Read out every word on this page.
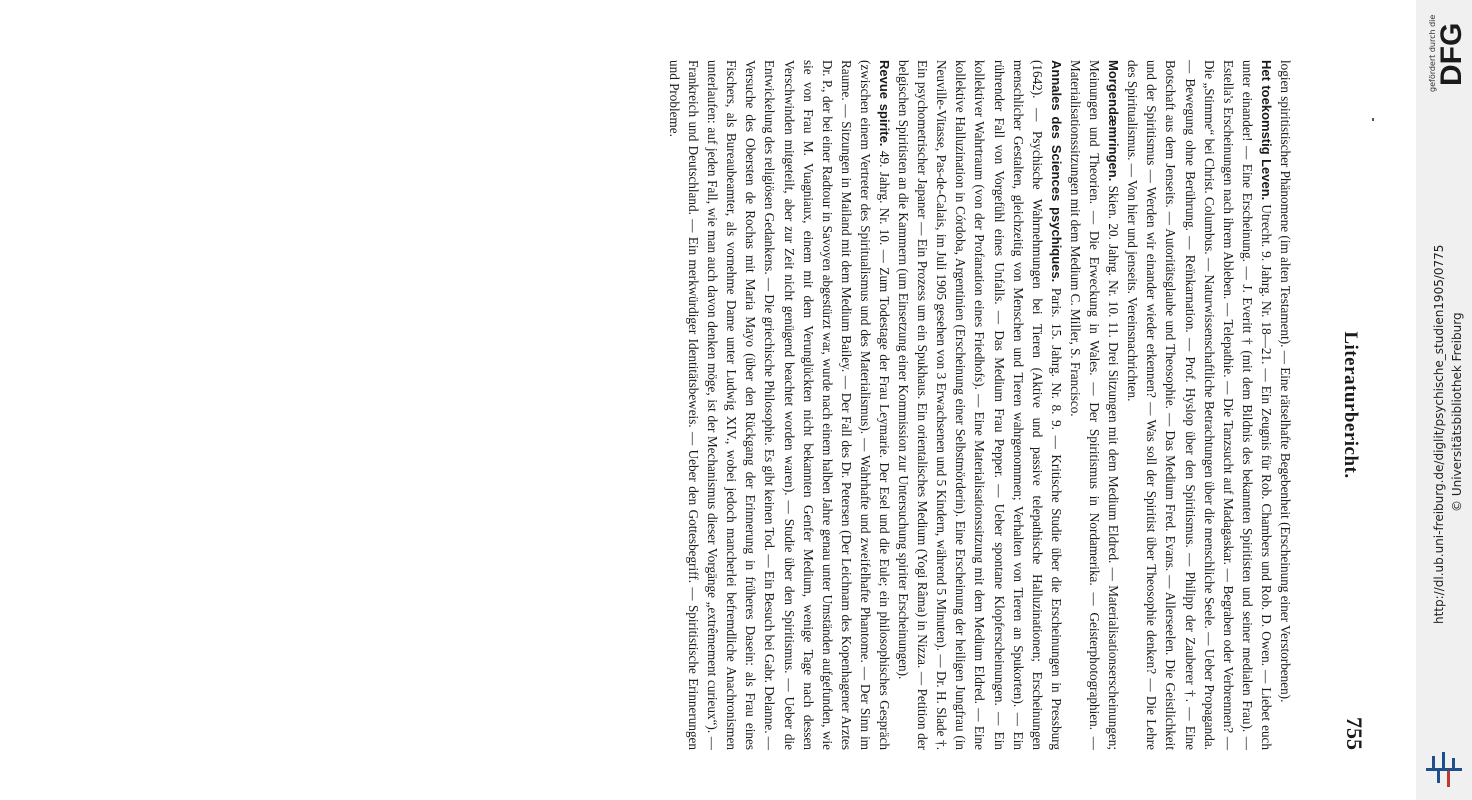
Literaturbericht.
755

logien spiritistischer Phänomene (im alten Testament). — Eine rätselhafte Begebenheit (Erscheinung einer Verstorbenen).

Het toekomstig Leven. Utrecht. 9. Jahrg. Nr. 18—21. — Ein Zeugnis für Rob. Chambers und Rob. D. Owen. — Liebet euch unter einander! — Eine Erscheinung. — J. Everitt † (mit dem Bildnis des bekannten Spiritisten und seiner medialen Frau). — Estella's Erscheinungen nach ihrem Ableben. — Telepathie. — Die Tanzsucht auf Madagaskar. — Begraben oder Verbrennen? — Die „Stimme“ bei Christ. Columbus. — Naturwissenschaftliche Betrachtungen über die menschliche Seele. — Ueber Propaganda. — Bewegung ohne Berührung. — Reïnkarnation. — Prof. Hyslop über den Spiritismus. — Philipp der Zauberer †. — Eine Botschaft aus dem Jenseits. — Autoritätsglaube und Theosophie. — Das Medium Fred. Evans. — Allerseelen. Die Geistlichkeit und der Spiritismus — Werden wir einander wieder erkennen? — Was soll der Spiritist über Theosophie denken? — Die Lehre des Spiritualismus. — Von hier und jenseits. Vereinsnachrichten.

Morgendæmringen. Skien. 20. Jahrg. Nr. 10. 11. Drei Sitzungen mit dem Medium Eldred. — Materialisationserscheinungen; Meinungen und Theorien. — Die Erweckung in Wales. — Der Spiritismus in Nordamerika. — Geisterphotographien. — Materialisationssitzungen mit dem Medium C. Miller, S. Francisco.

Annales des Sciences psychiques. Paris. 15. Jahrg. Nr. 8. 9. — Kritische Studie über die Erscheinungen in Pressburg (1642). — Psychische Wahrnehmungen bei Tieren (Aktive und passive telepathische Halluzinationen; Erscheinungen menschlicher Gestalten, gleichzeitig von Menschen und Tieren wahrgenommen; Verhalten von Tieren an Spukorten). — Ein rührender Fall von Vorgefühl eines Unfalls. — Das Medium Frau Pepper. — Ueber spontane Klopferscheinungen. — Ein kollektiver Wahrtraum (von der Profanation eines Friedhofs). — Eine Materialisationssitzung mit dem Medium Eldred. — Eine kollektive Halluzination in Córdoba, Argentinien (Erscheinung einer Selbstmörderin). Eine Erscheinung der heiligen Jungfrau (in Neuville-Vitasse, Pas-de-Calais, im Juli 1905 gesehen von 3 Erwachsenen und 5 Kindern, während 5 Minuten). — Dr. H. Slade †. Ein psychometrischer Japaner — Ein Prozess um ein Spukhaus. Ein orientalisches Medium (Yogi Râma) in Nizza. — Petition der belgischen Spiritisten an die Kammern (um Einsetzung einer Kommission zur Untersuchung spiriter Erscheinungen).

Revue spirite. 49. Jahrg. Nr. 10. — Zum Todestage der Frau Leymarie. Der Esel und die Eule; ein philosophisches Gespräch (zwischen einem Vertreter des Spiritualismus und des Materialismus). — Wahrhafte und zweifelhafte Phantome. — Der Sinn im Raume. — Sitzungen in Mailand mit dem Medium Bailey. — Der Fall des Dr. Petersen (Der Leichnam des Kopenhagener Arztes Dr. P., der bei einer Radtour in Savoyen abgestürzt war, wurde nach einem halben Jahre genau unter Umständen aufgefunden, wie sie von Frau M. Vuagniaux, einem mit dem Verunglückten nicht bekannten Genfer Medium, wenige Tage nach dessen Verschwinden mitgeteilt, aber zur Zeit nicht genügend beachtet worden waren). — Studie über den Spiritismus. — Ueber die Entwickelung des religiösen Gedankens. — Die griechische Philosophie. Es gibt keinen Tod. — Ein Besuch bei Gabr. Delanne. — Versuche des Obersten de Rochas mit Maria Mayo (über den Rückgang der Erinnerung in früheres Dasein: als Frau eines Fischers, als Bureaubeamter, als vornehme Dame unter Ludwig XIV., wobei jedoch mancherlei befremdliche Anachronismen unterlaufen: auf jeden Fall, wie man auch davon denken möge, ist der Mechanismus dieser Vorgänge „extrêmement curieux“). — Frankreich und Deutschland. — Ein merkwürdiger Identitätsbeweis. — Ueber den Gottesbegriff. — Spiritistische Erinnerungen und Probleme.

DFG
gefördert durch die
http://dl.ub.uni-freiburg.de/diglit/psychische_studien1905/0775 © Universitätsbibliothek Freiburg
